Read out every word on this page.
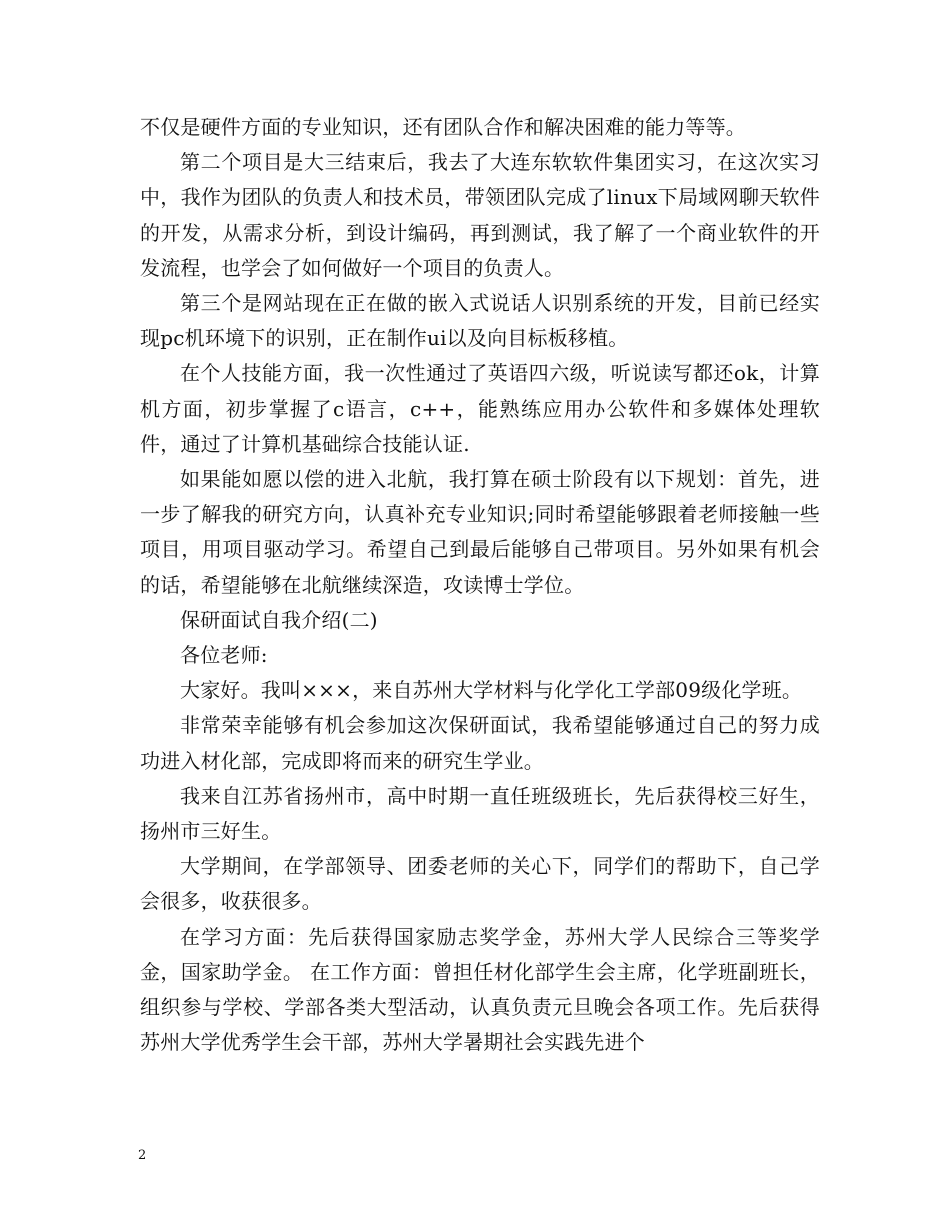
不仅是硬件方面的专业知识，还有团队合作和解决困难的能力等等。

第二个项目是大三结束后，我去了大连东软软件集团实习，在这次实习中，我作为团队的负责人和技术员，带领团队完成了linux下局域网聊天软件的开发，从需求分析，到设计编码，再到测试，我了解了一个商业软件的开发流程，也学会了如何做好一个项目的负责人。

第三个是网站现在正在做的嵌入式说话人识别系统的开发，目前已经实现pc机环境下的识别，正在制作ui以及向目标板移植。

在个人技能方面，我一次性通过了英语四六级，听说读写都还ok，计算机方面，初步掌握了c语言，c++，能熟练应用办公软件和多媒体处理软件，通过了计算机基础综合技能认证.

如果能如愿以偿的进入北航，我打算在硕士阶段有以下规划：首先，进一步了解我的研究方向，认真补充专业知识;同时希望能够跟着老师接触一些项目，用项目驱动学习。希望自己到最后能够自己带项目。另外如果有机会的话，希望能够在北航继续深造，攻读博士学位。

保研面试自我介绍(二)

各位老师:

大家好。我叫×××，来自苏州大学材料与化学化工学部09级化学班。

非常荣幸能够有机会参加这次保研面试，我希望能够通过自己的努力成功进入材化部，完成即将而来的研究生学业。

我来自江苏省扬州市，高中时期一直任班级班长，先后获得校三好生，扬州市三好生。

大学期间，在学部领导、团委老师的关心下，同学们的帮助下，自己学会很多，收获很多。

在学习方面：先后获得国家励志奖学金，苏州大学人民综合三等奖学金，国家助学金。 在工作方面：曾担任材化部学生会主席，化学班副班长，组织参与学校、学部各类大型活动，认真负责元旦晚会各项工作。先后获得苏州大学优秀学生会干部，苏州大学暑期社会实践先进个

2
